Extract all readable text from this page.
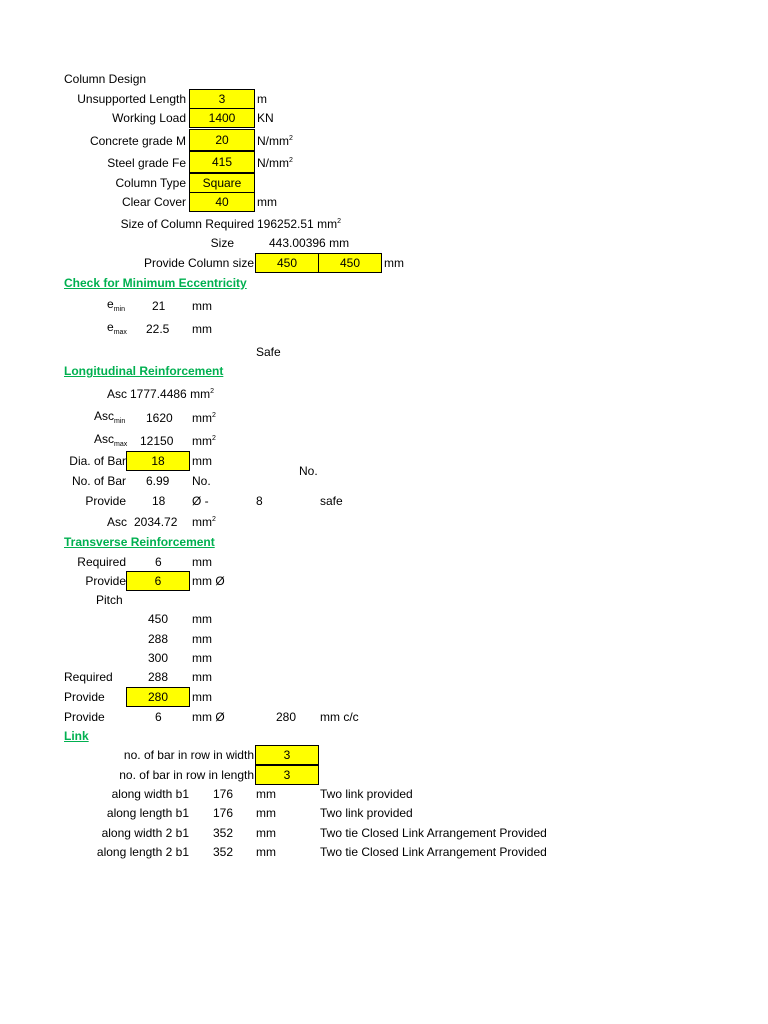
Column Design
Unsupported Length	3	m
Working Load	1400	KN
Concrete grade M	20	$N/mm^2$
Steel grade Fe	415	$N/mm^2$
Column Type	Square
Clear Cover	40	mm
Size of Column Required 196252.51 $mm^2$
Size	443.00396 mm
Provide Column size	450	450	mm
Check for Minimum Eccentricity
$e_{min}$ 21 mm
$e_{max}$ 22.5 mm
Safe
Longitudinal Reinforcement
Asc 1777.4486 $mm^2$
Asc$_{min}$ 1620 $mm^2$
Asc$_{max}$ 12150 $mm^2$
Dia. of Bar	18	mm
No.
No. of Bar 6.99 No.
Provide 18 Ø -	8	safe
Asc 2034.72 $mm^2$
Transverse Reinforcement
Required 6	mm
Provide	6	mm Ø
Pitch
450 mm
288 mm
300 mm
Required	288 mm
Provide	280	mm
Provide	6	mm Ø	280 mm c/c
Link
no. of bar in row in width	3
no. of bar in row in length	3
along width b1 176 mm	Two link provided
along length b1 176 mm	Two link provided
along width 2 b1 352 mm	Two tie Closed Link Arrangement Provided
along length 2 b1 352 mm	Two tie Closed Link Arrangement Provided
